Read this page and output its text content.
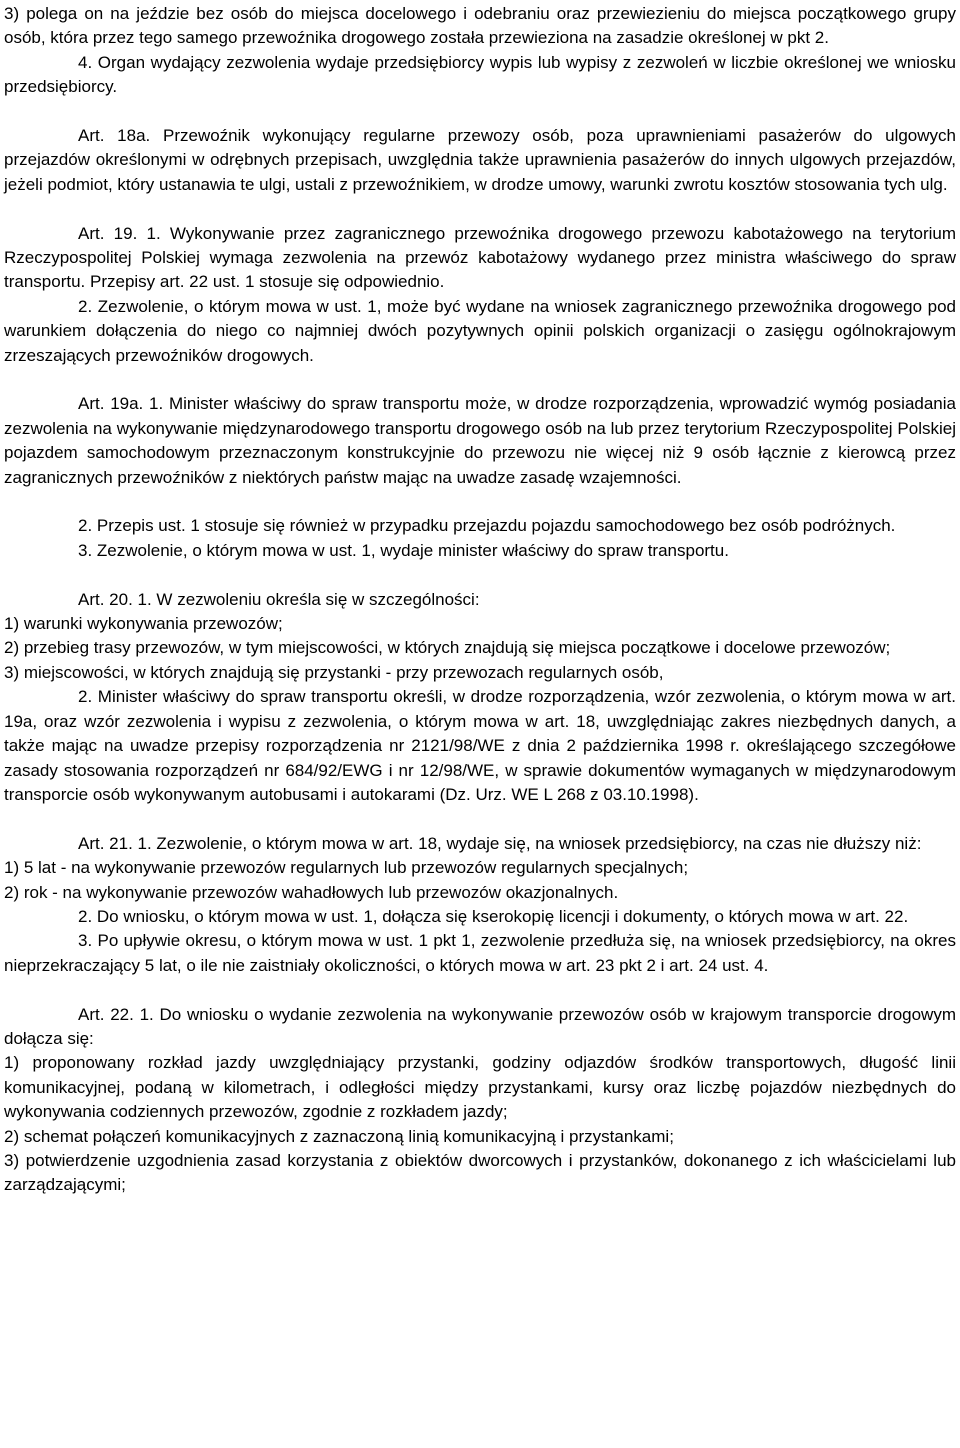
3) polega on na jeździe bez osób do miejsca docelowego i odebraniu oraz przewiezieniu do miejsca początkowego grupy osób, która przez tego samego przewoźnika drogowego została przewieziona na zasadzie określonej w pkt 2.

4. Organ wydający zezwolenia wydaje przedsiębiorcy wypis lub wypisy z zezwoleń w liczbie określonej we wniosku przedsiębiorcy.

Art. 18a. Przewoźnik wykonujący regularne przewozy osób, poza uprawnieniami pasażerów do ulgowych przejazdów określonymi w odrębnych przepisach, uwzględnia także uprawnienia pasażerów do innych ulgowych przejazdów, jeżeli podmiot, który ustanawia te ulgi, ustali z przewoźnikiem, w drodze umowy, warunki zwrotu kosztów stosowania tych ulg.

Art. 19. 1. Wykonywanie przez zagranicznego przewoźnika drogowego przewozu kabotażowego na terytorium Rzeczypospolitej Polskiej wymaga zezwolenia na przewóz kabotażowy wydanego przez ministra właściwego do spraw transportu. Przepisy art. 22 ust. 1 stosuje się odpowiednio.

2. Zezwolenie, o którym mowa w ust. 1, może być wydane na wniosek zagranicznego przewoźnika drogowego pod warunkiem dołączenia do niego co najmniej dwóch pozytywnych opinii polskich organizacji o zasięgu ogólnokrajowym zrzeszających przewoźników drogowych.

Art. 19a. 1. Minister właściwy do spraw transportu może, w drodze rozporządzenia, wprowadzić wymóg posiadania zezwolenia na wykonywanie międzynarodowego transportu drogowego osób na lub przez terytorium Rzeczypospolitej Polskiej pojazdem samochodowym przeznaczonym konstrukcyjnie do przewozu nie więcej niż 9 osób łącznie z kierowcą przez zagranicznych przewoźników z niektórych państw mając na uwadze zasadę wzajemności.

2. Przepis ust. 1 stosuje się również w przypadku przejazdu pojazdu samochodowego bez osób podróżnych.

3. Zezwolenie, o którym mowa w ust. 1, wydaje minister właściwy do spraw transportu.

Art. 20. 1. W zezwoleniu określa się w szczególności:

1) warunki wykonywania przewozów;

2) przebieg trasy przewozów, w tym miejscowości, w których znajdują się miejsca początkowe i docelowe przewozów;

3) miejscowości, w których znajdują się przystanki - przy przewozach regularnych osób,

2. Minister właściwy do spraw transportu określi, w drodze rozporządzenia, wzór zezwolenia, o którym mowa w art. 19a, oraz wzór zezwolenia i wypisu z zezwolenia, o którym mowa w art. 18, uwzględniając zakres niezbędnych danych, a także mając na uwadze przepisy rozporządzenia nr 2121/98/WE z dnia 2 października 1998 r. określającego szczegółowe zasady stosowania rozporządzeń nr 684/92/EWG i nr 12/98/WE, w sprawie dokumentów wymaganych w międzynarodowym transporcie osób wykonywanym autobusami i autokarami (Dz. Urz. WE L 268 z 03.10.1998).

Art. 21. 1. Zezwolenie, o którym mowa w art. 18, wydaje się, na wniosek przedsiębiorcy, na czas nie dłuższy niż:

1) 5 lat - na wykonywanie przewozów regularnych lub przewozów regularnych specjalnych;

2) rok - na wykonywanie przewozów wahadłowych lub przewozów okazjonalnych.

2. Do wniosku, o którym mowa w ust. 1, dołącza się kserokopię licencji i dokumenty, o których mowa w art. 22.

3. Po upływie okresu, o którym mowa w ust. 1 pkt 1, zezwolenie przedłuża się, na wniosek przedsiębiorcy, na okres nieprzekraczający 5 lat, o ile nie zaistniały okoliczności, o których mowa w art. 23 pkt 2 i art. 24 ust. 4.

Art. 22. 1. Do wniosku o wydanie zezwolenia na wykonywanie przewozów osób w krajowym transporcie drogowym dołącza się:

1) proponowany rozkład jazdy uwzględniający przystanki, godziny odjazdów środków transportowych, długość linii komunikacyjnej, podaną w kilometrach, i odległości między przystankami, kursy oraz liczbę pojazdów niezbędnych do wykonywania codziennych przewozów, zgodnie z rozkładem jazdy;

2) schemat połączeń komunikacyjnych z zaznaczoną linią komunikacyjną i przystankami;

3) potwierdzenie uzgodnienia zasad korzystania z obiektów dworcowych i przystanków, dokonanego z ich właścicielami lub zarządzającymi;
